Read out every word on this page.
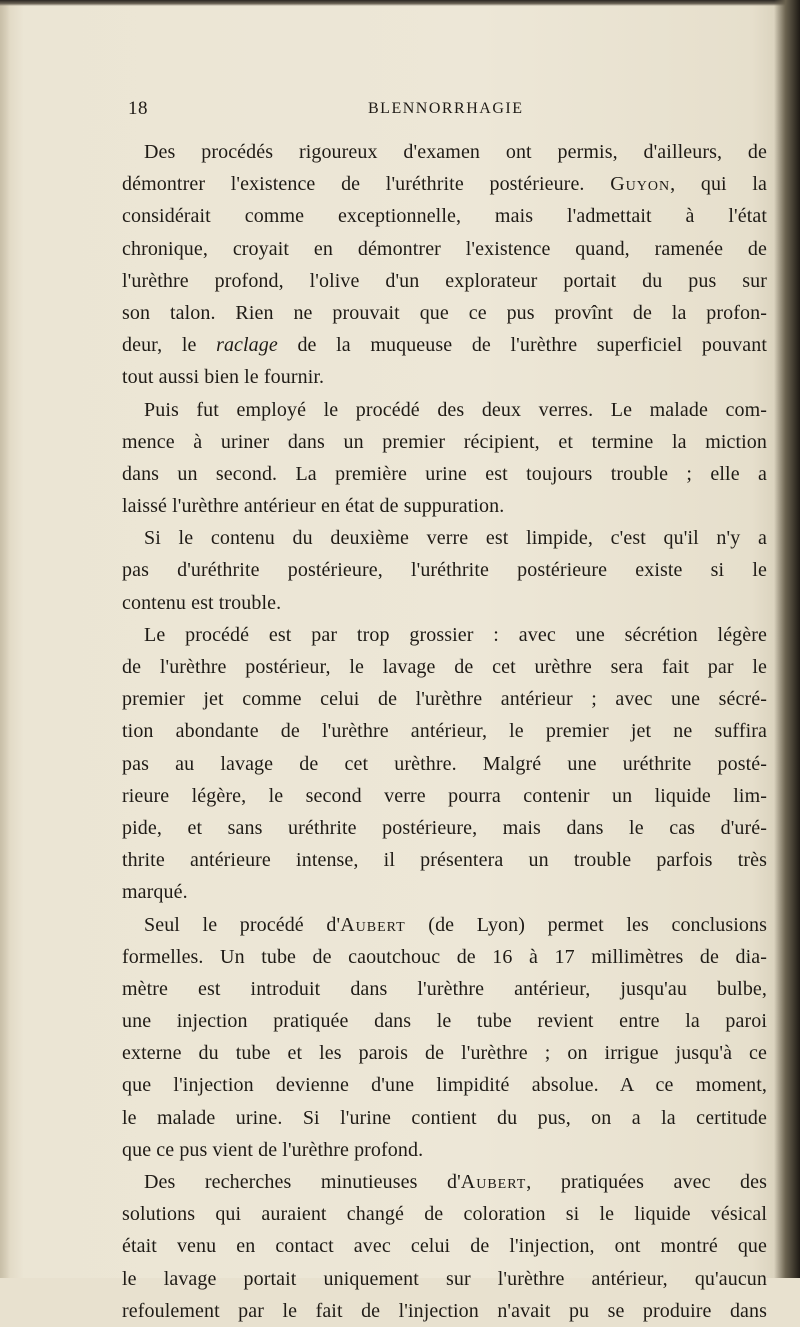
18	BLENNORRHAGIE
Des procédés rigoureux d'examen ont permis, d'ailleurs, de
démontrer l'existence de l'uréthrite postérieure. Guyon, qui la
considérait comme exceptionnelle, mais l'admettait à l'état
chronique, croyait en démontrer l'existence quand, ramenée de
l'urèthre profond, l'olive d'un explorateur portait du pus sur
son talon. Rien ne prouvait que ce pus provînt de la profon-
deur, le raclage de la muqueuse de l'urèthre superficiel pouvant
tout aussi bien le fournir.
Puis fut employé le procédé des deux verres. Le malade com-
mence à uriner dans un premier récipient, et termine la miction
dans un second. La première urine est toujours trouble ; elle a
laissé l'urèthre antérieur en état de suppuration.
Si le contenu du deuxième verre est limpide, c'est qu'il n'y a
pas d'uréthrite postérieure, l'uréthrite postérieure existe si le
contenu est trouble.
Le procédé est par trop grossier : avec une sécrétion légère
de l'urèthre postérieur, le lavage de cet urèthre sera fait par le
premier jet comme celui de l'urèthre antérieur ; avec une sécré-
tion abondante de l'urèthre antérieur, le premier jet ne suffira
pas au lavage de cet urèthre. Malgré une uréthrite posté-
rieure légère, le second verre pourra contenir un liquide lim-
pide, et sans uréthrite postérieure, mais dans le cas d'uré-
thrite antérieure intense, il présentera un trouble parfois très
marqué.
Seul le procédé d'Aubert (de Lyon) permet les conclusions
formelles. Un tube de caoutchouc de 16 à 17 millimètres de dia-
mètre est introduit dans l'urèthre antérieur, jusqu'au bulbe,
une injection pratiquée dans le tube revient entre la paroi
externe du tube et les parois de l'urèthre ; on irrigue jusqu'à ce
que l'injection devienne d'une limpidité absolue. A ce moment,
le malade urine. Si l'urine contient du pus, on a la certitude
que ce pus vient de l'urèthre profond.
Des recherches minutieuses d'Aubert, pratiquées avec des
solutions qui auraient changé de coloration si le liquide vésical
était venu en contact avec celui de l'injection, ont montré que
le lavage portait uniquement sur l'urèthre antérieur, qu'aucun
refoulement par le fait de l'injection n'avait pu se produire dans
